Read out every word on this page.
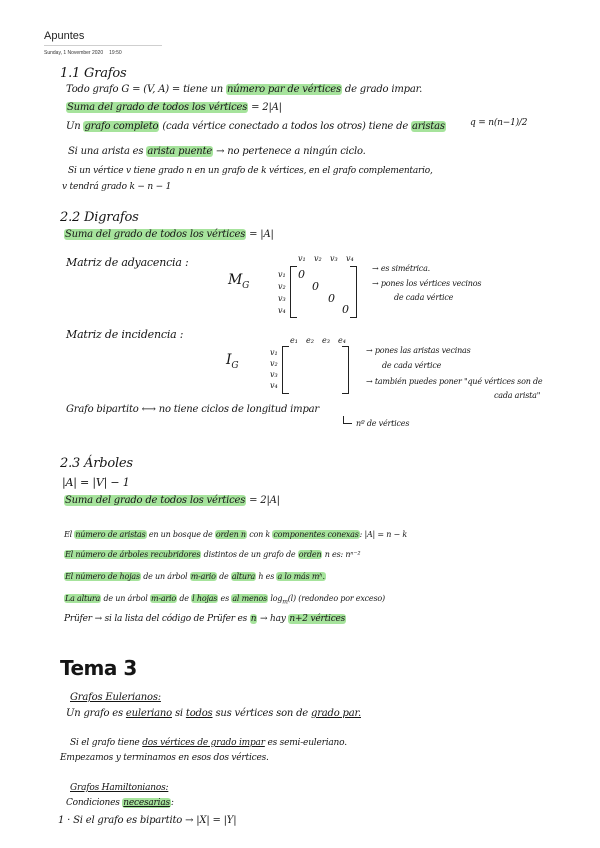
Apuntes
Sunday, 1 November 2020 19:50
1.1 Grafos
Todo grafo G = (V, A) = tiene un número par de vértices de grado impar.
Suma del grado de todos los vértices = 2|A|
Un grafo completo (cada vértice conectado a todos los otros) tiene de aristas	q = n(n−1)/2
Si una arista es arista puente → no pertenece a ningún ciclo.
Si un vértice v tiene grado n en un grafo de k vértices, en el grafo complementario,
v tendrá grado k − n − 1
2.2 Digrafos
Suma del grado de todos los vértices = |A|
Matriz de adyacencia :
$M_G$
v₁
v₂
v₃
v₄
v₁ v₂ v₃ v₄
0
0
0
0
→ es simétrica.
→ pones los vértices vecinos
de cada vértice
Matriz de incidencia :
$I_G$
v₁
v₂
v₃
v₄
e₁ e₂ e₃ e₄
→ pones las aristas vecinas
de cada vértice
→ también puedes poner "qué vértices son de
cada arista"
Grafo bipartito ⟷ no tiene ciclos de longitud impar
nº de vértices
2.3 Árboles
|A| = |V| − 1
Suma del grado de todos los vértices = 2|A|
El número de aristas en un bosque de orden n con k componentes conexas: |A| = n − k
El número de árboles recubridores distintos de un grafo de orden n es: nⁿ⁻²
El número de hojas de un árbol m-ario de altura h es a lo más mʰ.
La altura de un árbol m-ario de l hojas es al menos $\log_m(l)$ (redondeo por exceso)
Prüfer → si la lista del código de Prüfer es n → hay n+2 vértices
Tema 3
Grafos Eulerianos:
Un grafo es euleriano si todos sus vértices son de grado par.
Si el grafo tiene dos vértices de grado impar es semi-euleriano.
Empezamos y terminamos en esos dos vértices.
Grafos Hamiltonianos:
Condiciones necesarias:
1 · Si el grafo es bipartito → |X| = |Y|
